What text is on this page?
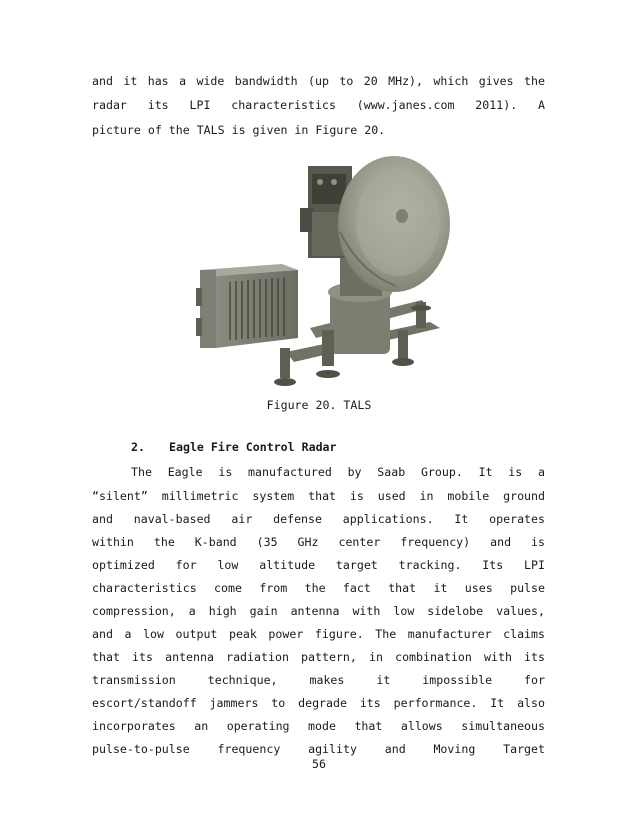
and it has a wide bandwidth (up to 20 MHz), which gives the
radar its LPI characteristics (www.janes.com 2011). A
picture of the TALS is given in Figure 20.
Figure 20. TALS
2. Eagle Fire Control Radar
The Eagle is manufactured by Saab Group. It is a
“silent” millimetric system that is used in mobile ground
and naval-based air defense applications. It operates
within the K-band (35 GHz center frequency) and is
optimized for low altitude target tracking. Its LPI
characteristics come from the fact that it uses pulse
compression, a high gain antenna with low sidelobe values,
and a low output peak power figure. The manufacturer claims
that its antenna radiation pattern, in combination with its
transmission technique, makes it impossible for
escort/standoff jammers to degrade its performance. It also
incorporates an operating mode that allows simultaneous
pulse-to-pulse frequency agility and Moving Target
56
